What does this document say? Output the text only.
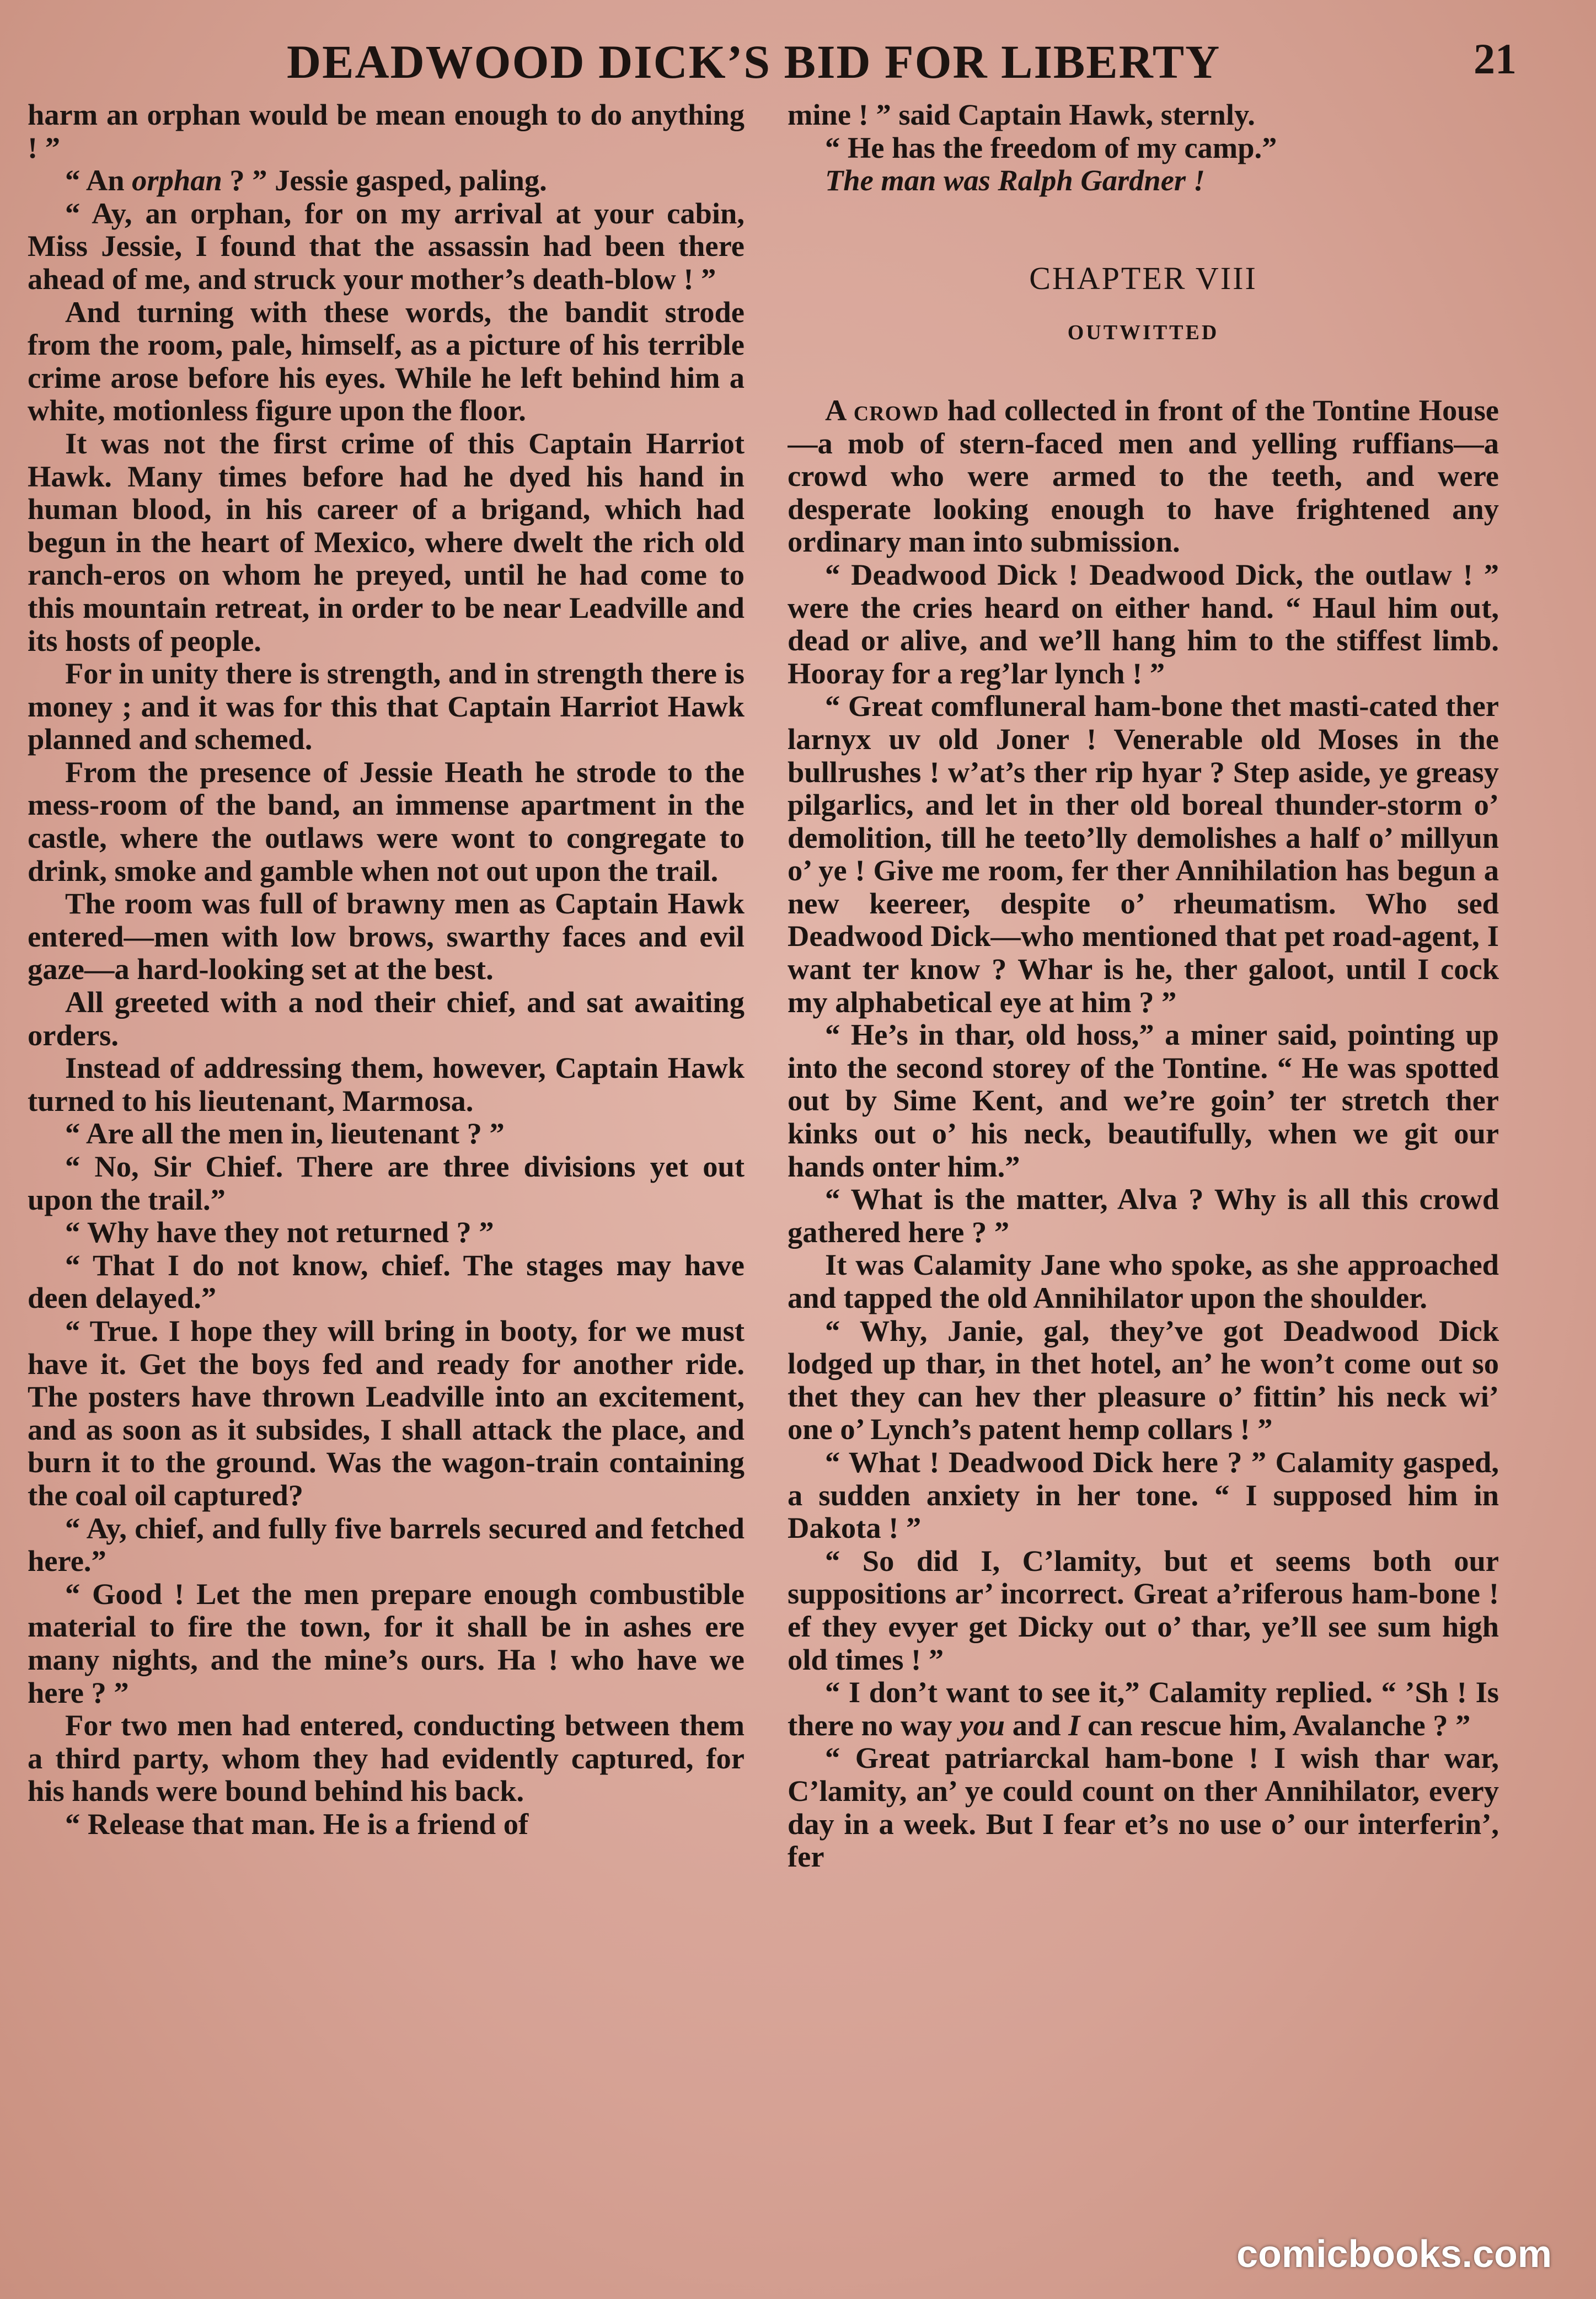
DEADWOOD DICK’S BID FOR LIBERTY	21

harm an orphan would be mean enough to do anything ! ”

“ An orphan ? ” Jessie gasped, paling.

“ Ay, an orphan, for on my arrival at your cabin, Miss Jessie, I found that the assassin had been there ahead of me, and struck your mother’s death-blow ! ”

And turning with these words, the bandit strode from the room, pale, himself, as a picture of his terrible crime arose before his eyes. While he left behind him a white, motionless figure upon the floor.

It was not the first crime of this Captain Harriot Hawk. Many times before had he dyed his hand in human blood, in his career of a brigand, which had begun in the heart of Mexico, where dwelt the rich old ranch-eros on whom he preyed, until he had come to this mountain retreat, in order to be near Leadville and its hosts of people.

For in unity there is strength, and in strength there is money ; and it was for this that Captain Harriot Hawk planned and schemed.

From the presence of Jessie Heath he strode to the mess-room of the band, an immense apartment in the castle, where the outlaws were wont to congregate to drink, smoke and gamble when not out upon the trail.

The room was full of brawny men as Captain Hawk entered—men with low brows, swarthy faces and evil gaze—a hard-looking set at the best.

All greeted with a nod their chief, and sat awaiting orders.

Instead of addressing them, however, Captain Hawk turned to his lieutenant, Marmosa.

“ Are all the men in, lieutenant ? ”

“ No, Sir Chief. There are three divisions yet out upon the trail.”

“ Why have they not returned ? ”

“ That I do not know, chief. The stages may have deen delayed.”

“ True. I hope they will bring in booty, for we must have it. Get the boys fed and ready for another ride. The posters have thrown Leadville into an excitement, and as soon as it subsides, I shall attack the place, and burn it to the ground. Was the wagon-train containing the coal oil captured?

“ Ay, chief, and fully five barrels secured and fetched here.”

“ Good ! Let the men prepare enough combustible material to fire the town, for it shall be in ashes ere many nights, and the mine’s ours. Ha ! who have we here ? ”

For two men had entered, conducting between them a third party, whom they had evidently captured, for his hands were bound behind his back.

“ Release that man. He is a friend of

mine ! ” said Captain Hawk, sternly.

“ He has the freedom of my camp.”

The man was Ralph Gardner !

CHAPTER VIII
OUTWITTED

A crowd had collected in front of the Tontine House—a mob of stern-faced men and yelling ruffians—a crowd who were armed to the teeth, and were desperate looking enough to have frightened any ordinary man into submission.

“ Deadwood Dick ! Deadwood Dick, the outlaw ! ” were the cries heard on either hand. “ Haul him out, dead or alive, and we’ll hang him to the stiffest limb. Hooray for a reg’lar lynch ! ”

“ Great comfluneral ham-bone thet masti-cated ther larnyx uv old Joner ! Venerable old Moses in the bullrushes ! w’at’s ther rip hyar ? Step aside, ye greasy pilgarlics, and let in ther old boreal thunder-storm o’ demolition, till he teeto’lly demolishes a half o’ millyun o’ ye ! Give me room, fer ther Annihilation has begun a new keereer, despite o’ rheumatism. Who sed Deadwood Dick—who mentioned that pet road-agent, I want ter know ? Whar is he, ther galoot, until I cock my alphabetical eye at him ? ”

“ He’s in thar, old hoss,” a miner said, pointing up into the second storey of the Tontine. “ He was spotted out by Sime Kent, and we’re goin’ ter stretch ther kinks out o’ his neck, beautifully, when we git our hands onter him.”

“ What is the matter, Alva ? Why is all this crowd gathered here ? ”

It was Calamity Jane who spoke, as she approached and tapped the old Annihilator upon the shoulder.

“ Why, Janie, gal, they’ve got Deadwood Dick lodged up thar, in thet hotel, an’ he won’t come out so thet they can hev ther pleasure o’ fittin’ his neck wi’ one o’ Lynch’s patent hemp collars ! ”

“ What ! Deadwood Dick here ? ” Calamity gasped, a sudden anxiety in her tone. “ I supposed him in Dakota ! ”

“ So did I, C’lamity, but et seems both our suppositions ar’ incorrect. Great a’riferous ham-bone ! ef they evyer get Dicky out o’ thar, ye’ll see sum high old times ! ”

“ I don’t want to see it,” Calamity replied. “ ’Sh ! Is there no way you and I can rescue him, Avalanche ? ”

“ Great patriarckal ham-bone ! I wish thar war, C’lamity, an’ ye could count on ther Annihilator, every day in a week. But I fear et’s no use o’ our interferin’, fer

comicbooks.com
